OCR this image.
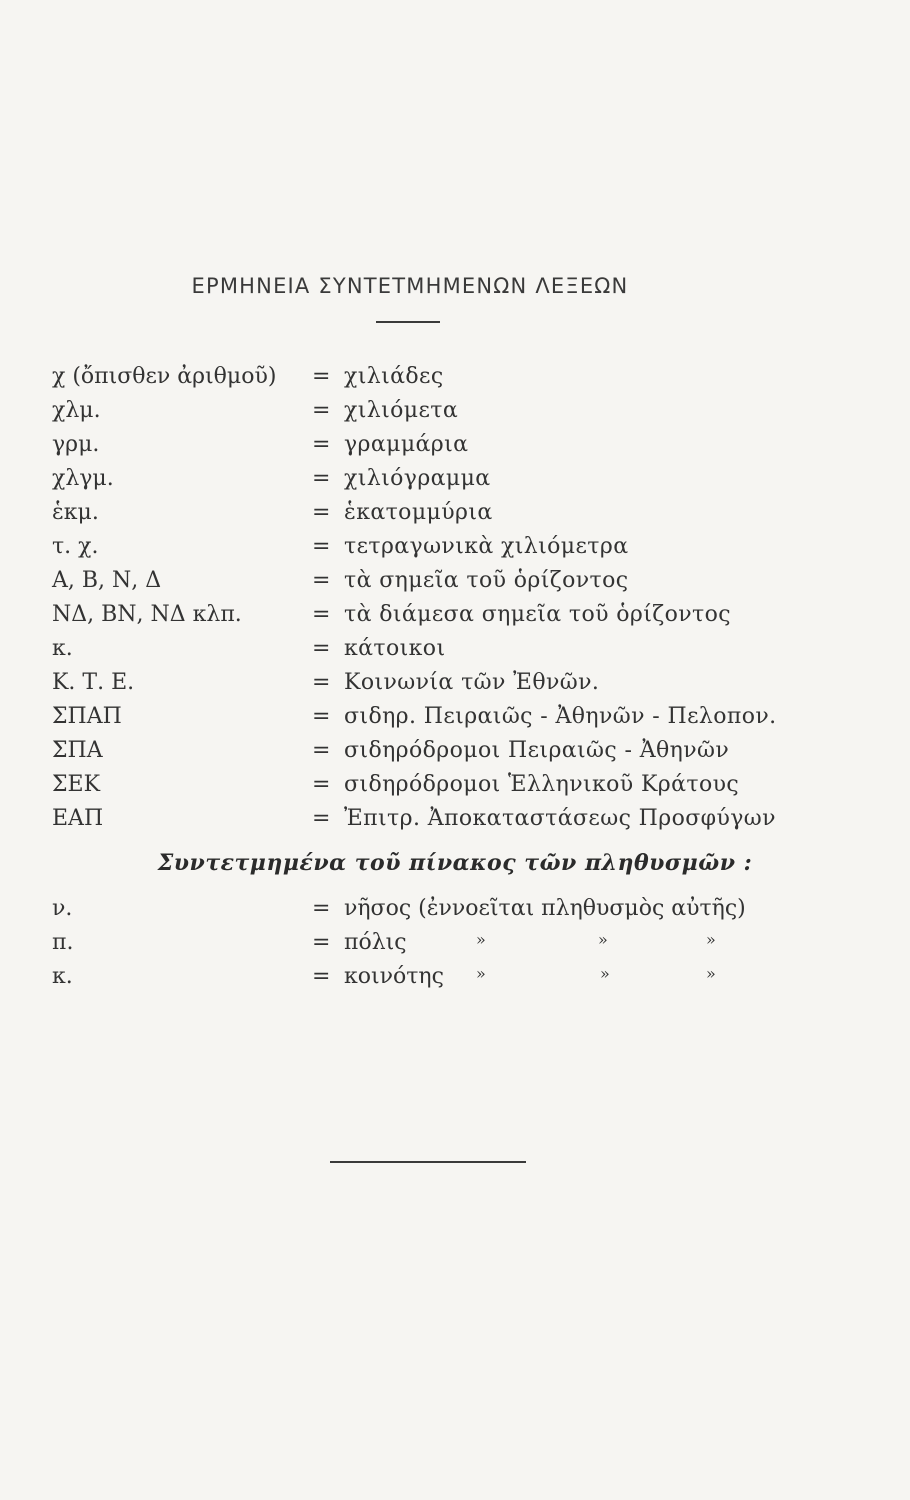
ΕΡΜΗΝΕΙΑ ΣΥΝΤΕΤΜΗΜΕΝΩΝ ΛΕΞΕΩΝ
χ (ὄπισθεν ἀριθμοῦ) = χιλιάδες
χλμ.	= χιλιόμετα
γρμ.	= γραμμάρια
χλγμ.	= χιλιόγραμμα
ἑκμ.	= ἑκατομμύρια
τ. χ.	= τετραγωνικὰ χιλιόμετρα
Α, Β, Ν, Δ	= τὰ σημεῖα τοῦ ὁρίζοντος
ΝΔ, ΒΝ, ΝΔ κλπ.	= τὰ διάμεσα σημεῖα τοῦ ὁρίζοντος
κ.	= κάτοικοι
Κ. Τ. Ε.	= Κοινωνία τῶν Ἐθνῶν.
ΣΠΑΠ	= σιδηρ. Πειραιῶς - Ἀθηνῶν - Πελοπον.
ΣΠΑ	= σιδηρόδρομοι Πειραιῶς - Ἀθηνῶν
ΣΕΚ	= σιδηρόδρομοι Ἑλληνικοῦ Κράτους
ΕΑΠ	= Ἐπιτρ. Ἀποκαταστάσεως Προσφύγων
Συντετμημένα τοῦ πίνακος τῶν πληθυσμῶν :
ν.	= νῆσος (ἐννοεῖται πληθυσμὸς αὐτῆς)
π.	= πόλις	»	»	»
κ.	= κοινότης »	»	»
